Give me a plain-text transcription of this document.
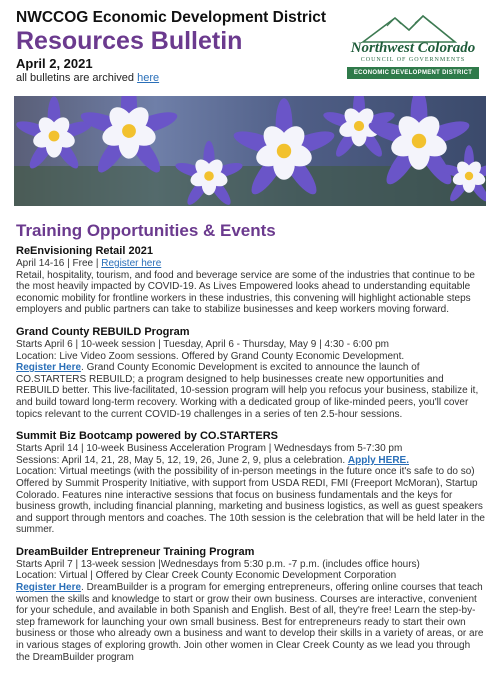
NWCCOG Economic Development District
Resources Bulletin
April 2, 2021
all bulletins are archived here
Northwest Colorado
COUNCIL OF GOVERNMENTS
ECONOMIC DEVELOPMENT DISTRICT
Training Opportunities & Events
ReEnvisioning Retail 2021
April 14-16 | Free | Register here
Retail, hospitality, tourism, and food and beverage service are some of the industries that continue to be the most heavily impacted by COVID-19. As Lives Empowered looks ahead to understanding equitable economic mobility for frontline workers in these industries, this convening will highlight actionable steps employers and public partners can take to stabilize businesses and keep workers moving forward.
Grand County REBUILD Program
Starts April 6 | 10-week session | Tuesday, April 6 - Thursday, May 9 | 4:30 - 6:00 pm
Location: Live Video Zoom sessions. Offered by Grand County Economic Development.
Register Here. Grand County Economic Development is excited to announce the launch of CO.STARTERS REBUILD; a program designed to help businesses create new opportunities and REBUILD better. This live-facilitated, 10-session program will help you refocus your business, stabilize it, and build toward long-term recovery. Working with a dedicated group of like-minded peers, you'll cover topics relevant to the current COVID-19 challenges in a series of ten 2.5-hour sessions.
Summit Biz Bootcamp powered by CO.STARTERS
Starts April 14 | 10-week Business Acceleration Program | Wednesdays from 5-7:30 pm
Sessions: April 14, 21, 28, May 5, 12, 19, 26, June 2, 9, plus a celebration. Apply HERE.
Location: Virtual meetings (with the possibility of in-person meetings in the future once it's safe to do so) Offered by Summit Prosperity Initiative, with support from USDA REDI, FMI (Freeport McMoran), Startup Colorado. Features nine interactive sessions that focus on business fundamentals and the keys for business growth, including financial planning, marketing and business logistics, as well as guest speakers and support through mentors and coaches. The 10th session is the celebration that will be held later in the summer.
DreamBuilder Entrepreneur Training Program
Starts April 7 | 13-week session |Wednesdays from 5:30 p.m. -7 p.m. (includes office hours)
Location: Virtual | Offered by Clear Creek County Economic Development Corporation
Register Here. DreamBuilder is a program for emerging entrepreneurs, offering online courses that teach women the skills and knowledge to start or grow their own business. Courses are interactive, convenient for your schedule, and available in both Spanish and English. Best of all, they're free! Learn the step-by-step framework for launching your own small business. Best for entrepreneurs ready to start their own business or those who already own a business and want to develop their skills in a variety of areas, or are in various stages of exploring growth. Join other women in Clear Creek County as we lead you through the DreamBuilder program
